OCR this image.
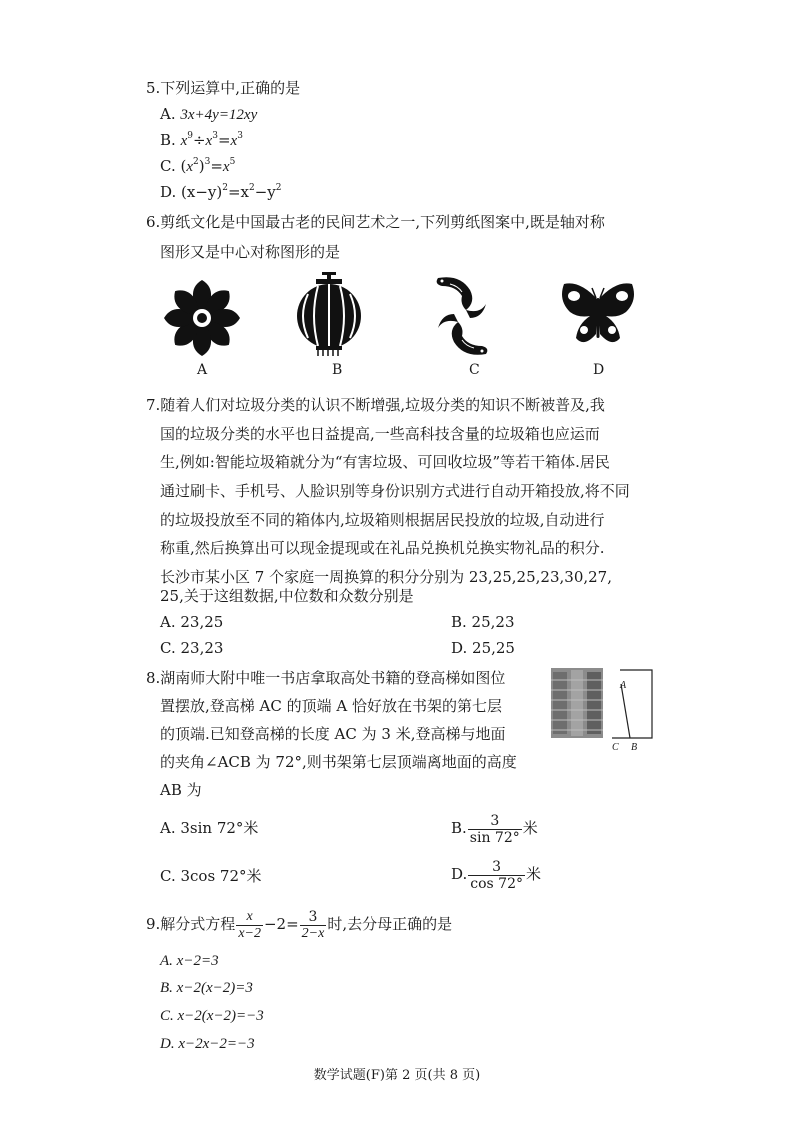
5.下列运算中,正确的是
A. 3x+4y=12xy
B. $x^9\div x^3=x^3$
C. $(x^2)^3=x^5$
D. $(x-y)^2=x^2-y^2$
6.剪纸文化是中国最古老的民间艺术之一,下列剪纸图案中,既是轴对称
图形又是中心对称图形的是
A	B	C	D
7.随着人们对垃圾分类的认识不断增强,垃圾分类的知识不断被普及,我
国的垃圾分类的水平也日益提高,一些高科技含量的垃圾箱也应运而
生,例如:智能垃圾箱就分为“有害垃圾、可回收垃圾”等若干箱体.居民
通过刷卡、手机号、人脸识别等身份识别方式进行自动开箱投放,将不同
的垃圾投放至不同的箱体内,垃圾箱则根据居民投放的垃圾,自动进行
称重,然后换算出可以现金提现或在礼品兑换机兑换实物礼品的积分.
长沙市某小区 7 个家庭一周换算的积分分别为 23,25,25,23,30,27,
25,关于这组数据,中位数和众数分别是
A. 23,25	B. 25,23
C. 23,23	D. 25,25
8.湖南师大附中唯一书店拿取高处书籍的登高梯如图位
置摆放,登高梯 AC 的顶端 A 恰好放在书架的第七层
的顶端.已知登高梯的长度 AC 为 3 米,登高梯与地面
的夹角∠ACB 为 72°,则书架第七层顶端离地面的高度
AB 为
A
C B
A. 3sin 72°米	B. $\frac{3}{\sin 72^\circ}$ 米
C. 3cos 72°米	D. $\frac{3}{\cos 72^\circ}$ 米
9.解分式方程 $\frac{x}{x-2} -2= \frac{3}{2-x}$ 时,去分母正确的是
A. x−2=3
B. x−2(x−2)=3
C. x−2(x−2)=−3
D. x−2x−2=−3
数学试题(F)第 2 页(共 8 页)
